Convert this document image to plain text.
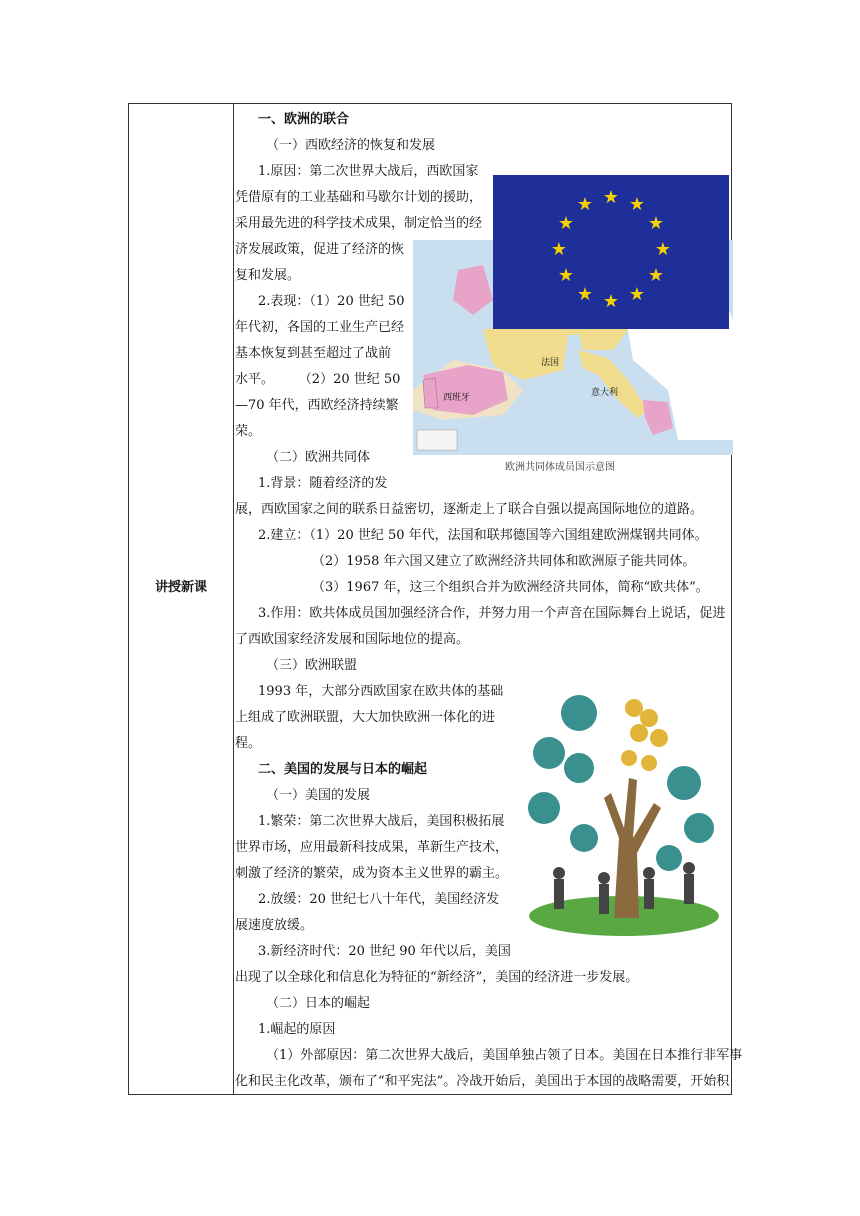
讲授新课
一、欧洲的联合
（一）西欧经济的恢复和发展
1.原因：第二次世界大战后，西欧国家
凭借原有的工业基础和马歇尔计划的援助，
采用最先进的科学技术成果，制定恰当的经
济发展政策，促进了经济的恢
复和发展。
2.表现：（1）20 世纪 50
年代初，各国的工业生产已经
基本恢复到甚至超过了战前
水平。      （2）20 世纪 50
—70 年代，西欧经济持续繁
荣。
（二）欧洲共同体
1.背景：随着经济的发
展，西欧国家之间的联系日益密切，逐渐走上了联合自强以提高国际地位的道路。
2.建立：（1）20 世纪 50 年代，法国和联邦德国等六国组建欧洲煤钢共同体。
（2）1958 年六国又建立了欧洲经济共同体和欧洲原子能共同体。
（3）1967 年，这三个组织合并为欧洲经济共同体，简称“欧共体”。
3.作用：欧共体成员国加强经济合作，并努力用一个声音在国际舞台上说话，促进
了西欧国家经济发展和国际地位的提高。
（三）欧洲联盟
1993 年，大部分西欧国家在欧共体的基础
上组成了欧洲联盟，大大加快欧洲一体化的进
程。
二、美国的发展与日本的崛起
（一）美国的发展
1.繁荣：第二次世界大战后，美国积极拓展
世界市场，应用最新科技成果，革新生产技术，
刺激了经济的繁荣，成为资本主义世界的霸主。
2.放缓：20 世纪七八十年代，美国经济发
展速度放缓。
3.新经济时代：20 世纪 90 年代以后，美国
出现了以全球化和信息化为特征的“新经济”，美国的经济进一步发展。
（二）日本的崛起
1.崛起的原因
（1）外部原因：第二次世界大战后，美国单独占领了日本。美国在日本推行非军事
化和民主化改革，颁布了“和平宪法”。冷战开始后，美国出于本国的战略需要，开始积
法国
西班牙	意大利
欧洲共同体成员国示意图
★ ★
★
★
★
★
★
★
★
★
★
★
